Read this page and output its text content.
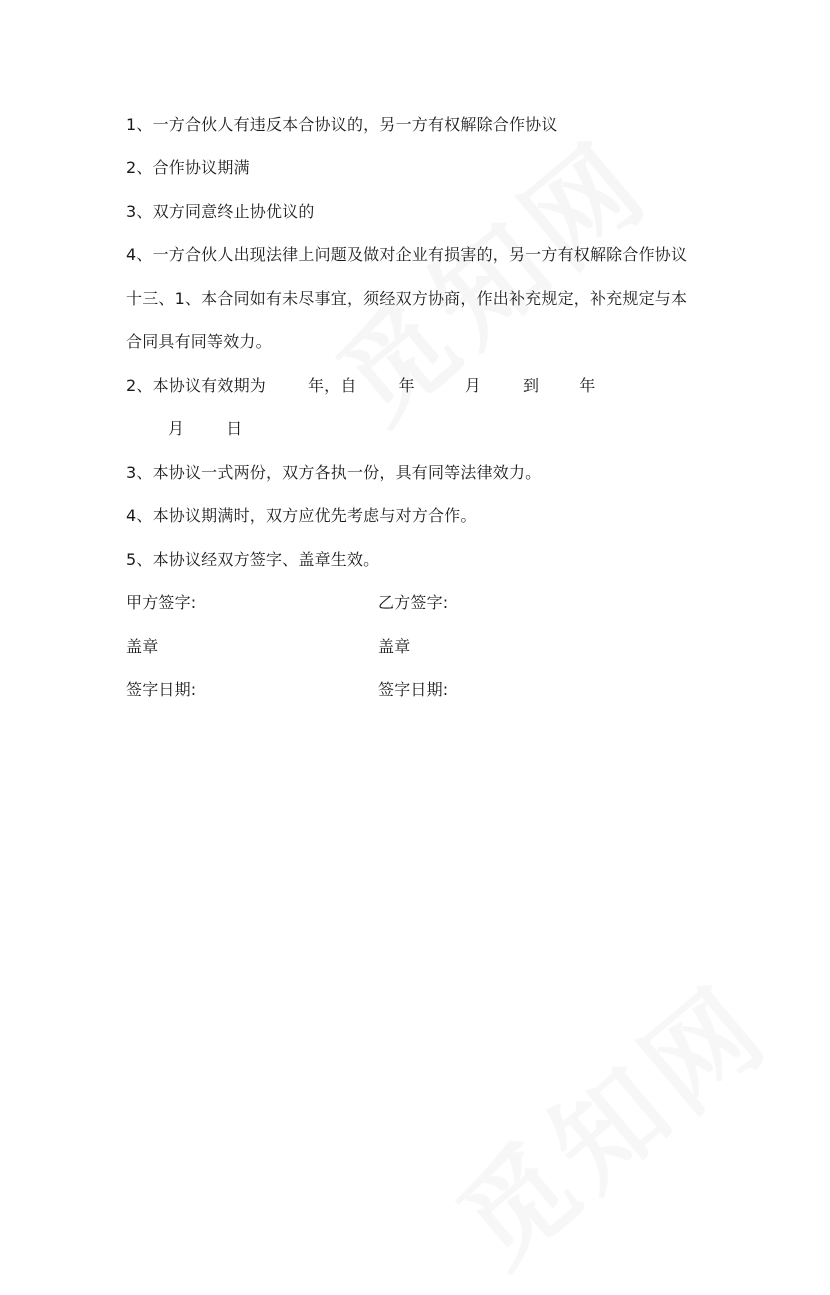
1、一方合伙人有违反本合协议的，另一方有权解除合作协议
2、合作协议期满
3、双方同意终止协优议的
4、一方合伙人出现法律上问题及做对企业有损害的，另一方有权解除合作协议
十三、1、本合同如有未尽事宜，须经双方协商，作出补充规定，补充规定与本
合同具有同等效力。
2、本协议有效期为	年，自	年	月	到	年
月	日
3、本协议一式两份，双方各执一份，具有同等法律效力。
4、本协议期满时，双方应优先考虑与对方合作。
5、本协议经双方签字、盖章生效。
甲方签字:	乙方签字:
盖章	盖章
签字日期:	签字日期:
